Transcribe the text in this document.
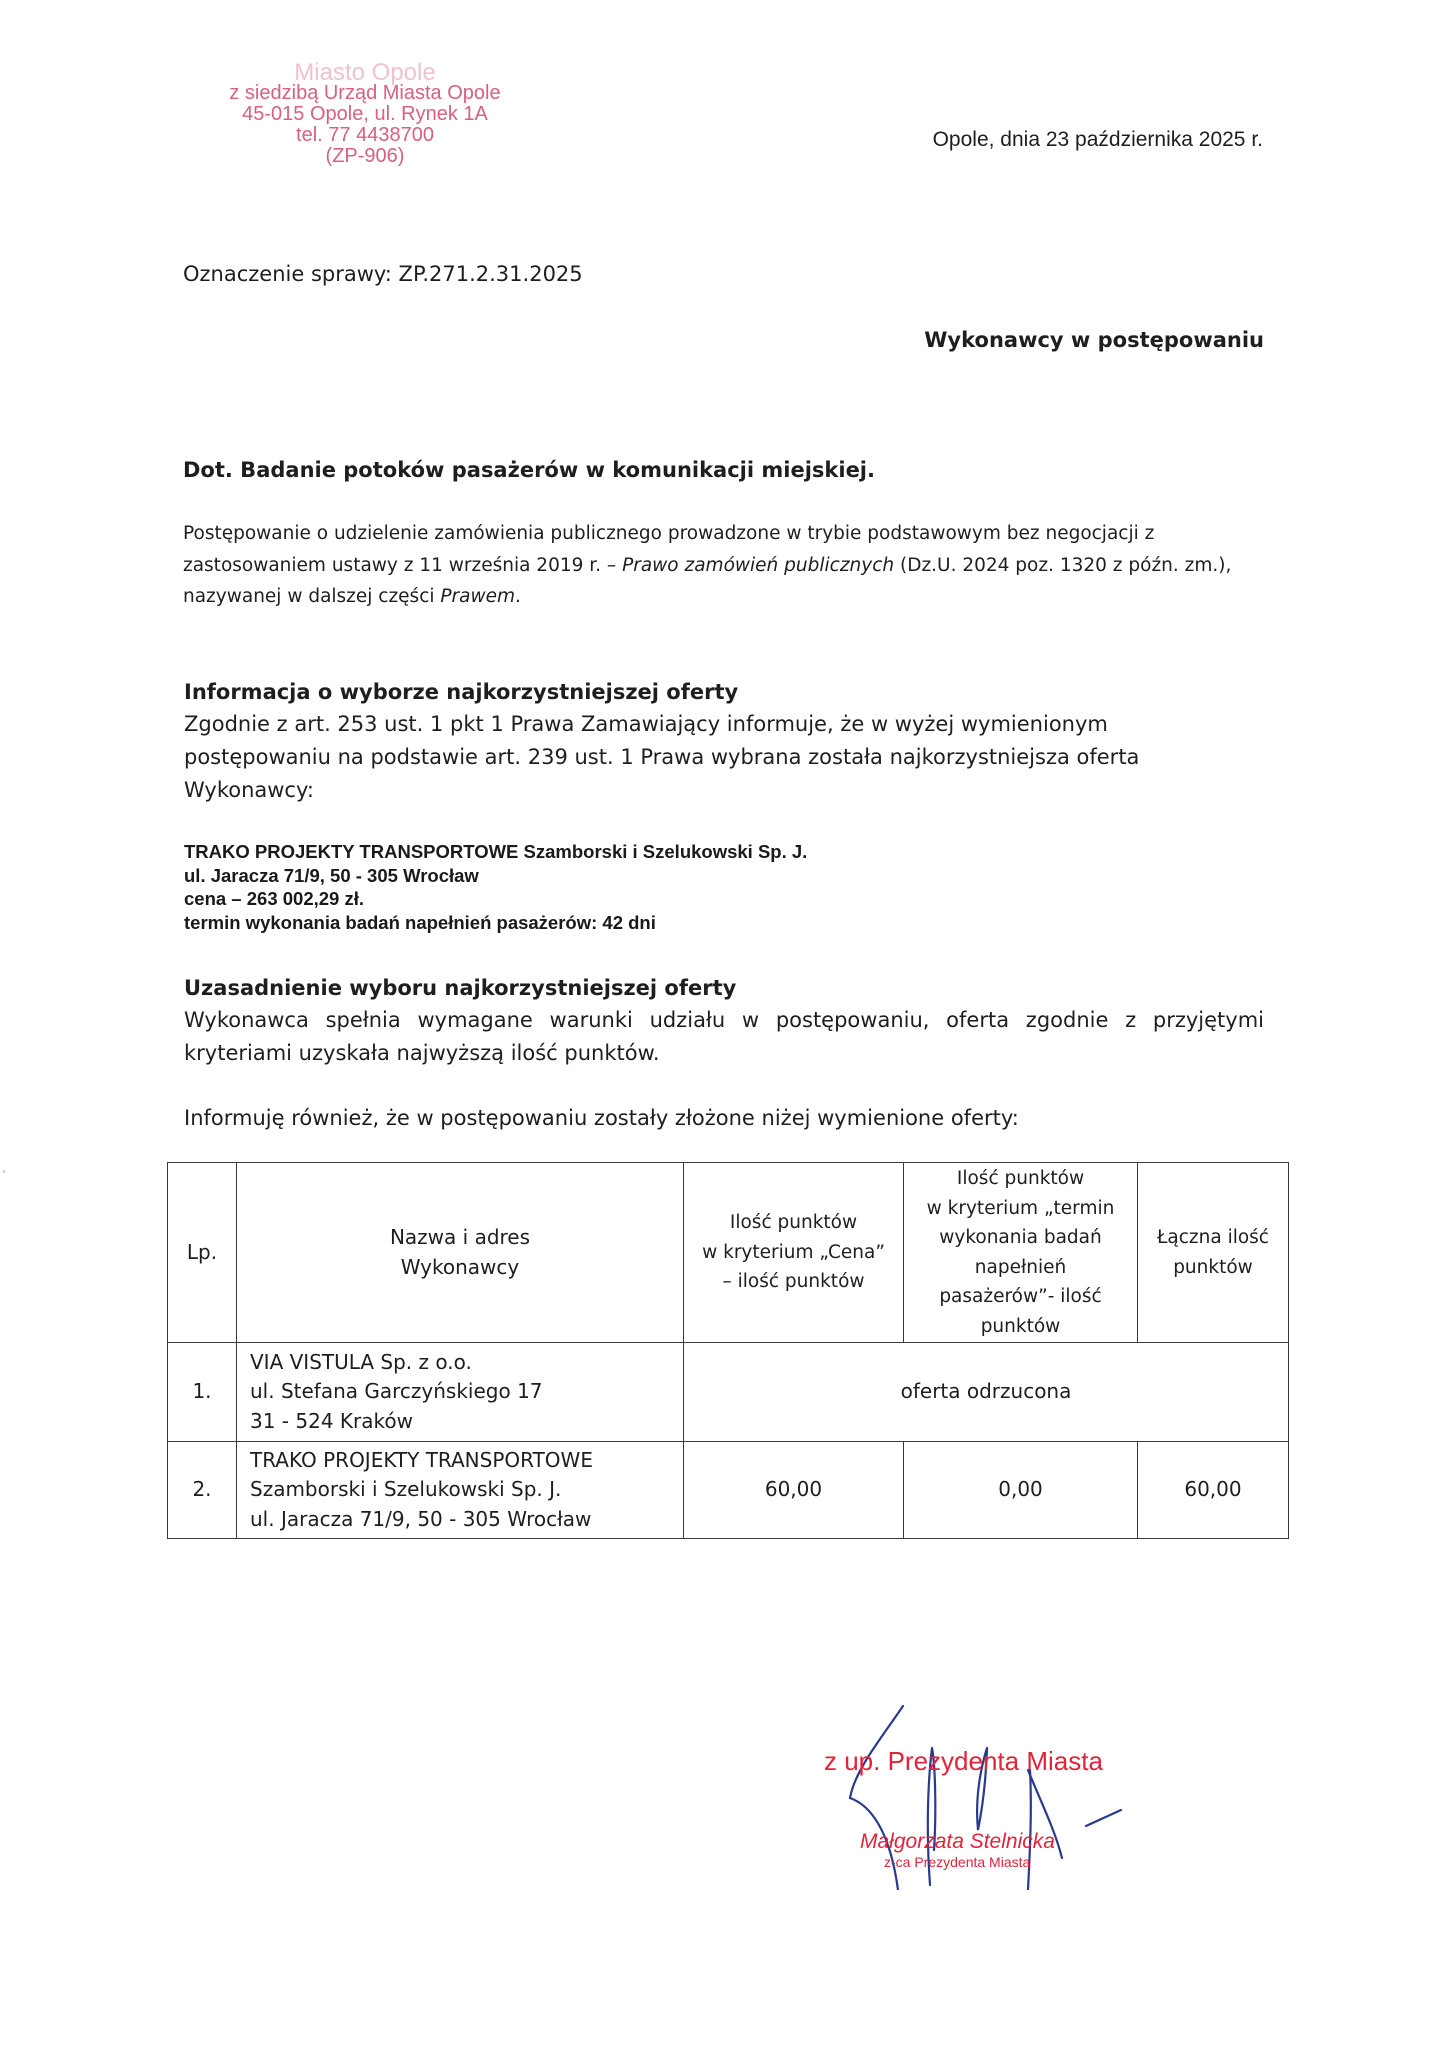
Miasto Opole
z siedzibą Urząd Miasta Opole
45-015 Opole, ul. Rynek 1A
tel. 77 4438700
(ZP-906)
Opole, dnia 23 października 2025 r.
Oznaczenie sprawy: ZP.271.2.31.2025
Wykonawcy w postępowaniu
Dot. Badanie potoków pasażerów w komunikacji miejskiej.
Postępowanie o udzielenie zamówienia publicznego prowadzone w trybie podstawowym bez negocjacji z zastosowaniem ustawy z 11 września 2019 r. – Prawo zamówień publicznych (Dz.U. 2024 poz. 1320 z późn. zm.), nazywanej w dalszej części Prawem.
Informacja o wyborze najkorzystniejszej oferty
Zgodnie z art. 253 ust. 1 pkt 1 Prawa Zamawiający informuje, że w wyżej wymienionym postępowaniu na podstawie art. 239 ust. 1 Prawa wybrana została najkorzystniejsza oferta Wykonawcy:
TRAKO PROJEKTY TRANSPORTOWE Szamborski i Szelukowski Sp. J.
ul. Jaracza 71/9, 50 - 305 Wrocław
cena – 263 002,29 zł.
termin wykonania badań napełnień pasażerów: 42 dni
Uzasadnienie wyboru najkorzystniejszej oferty
Wykonawca spełnia wymagane warunki udziału w postępowaniu, oferta zgodnie z przyjętymi kryteriami uzyskała najwyższą ilość punktów.
Informuję również, że w postępowaniu zostały złożone niżej wymienione oferty:
Lp.	
Nazwa i adres
Wykonawcy

Ilość punktów
w kryterium „Cena”
– ilość punktów

Ilość punktów
w kryterium „termin
wykonania badań
napełnień
pasażerów”- ilość
punktów

Łączna ilość
punktów

1.	VIA VISTULA Sp. z o.o.
ul. Stefana Garczyńskiego 17
31 - 524 Kraków	oferta odrzucona		
2.	TRAKO PROJEKTY TRANSPORTOWE
Szamborski i Szelukowski Sp. J.
ul. Jaracza 71/9, 50 - 305 Wrocław	60,00	0,00	60,00
z up. Prezydenta Miasta
Małgorzata Stelnicka
z-ca Prezydenta Miasta
